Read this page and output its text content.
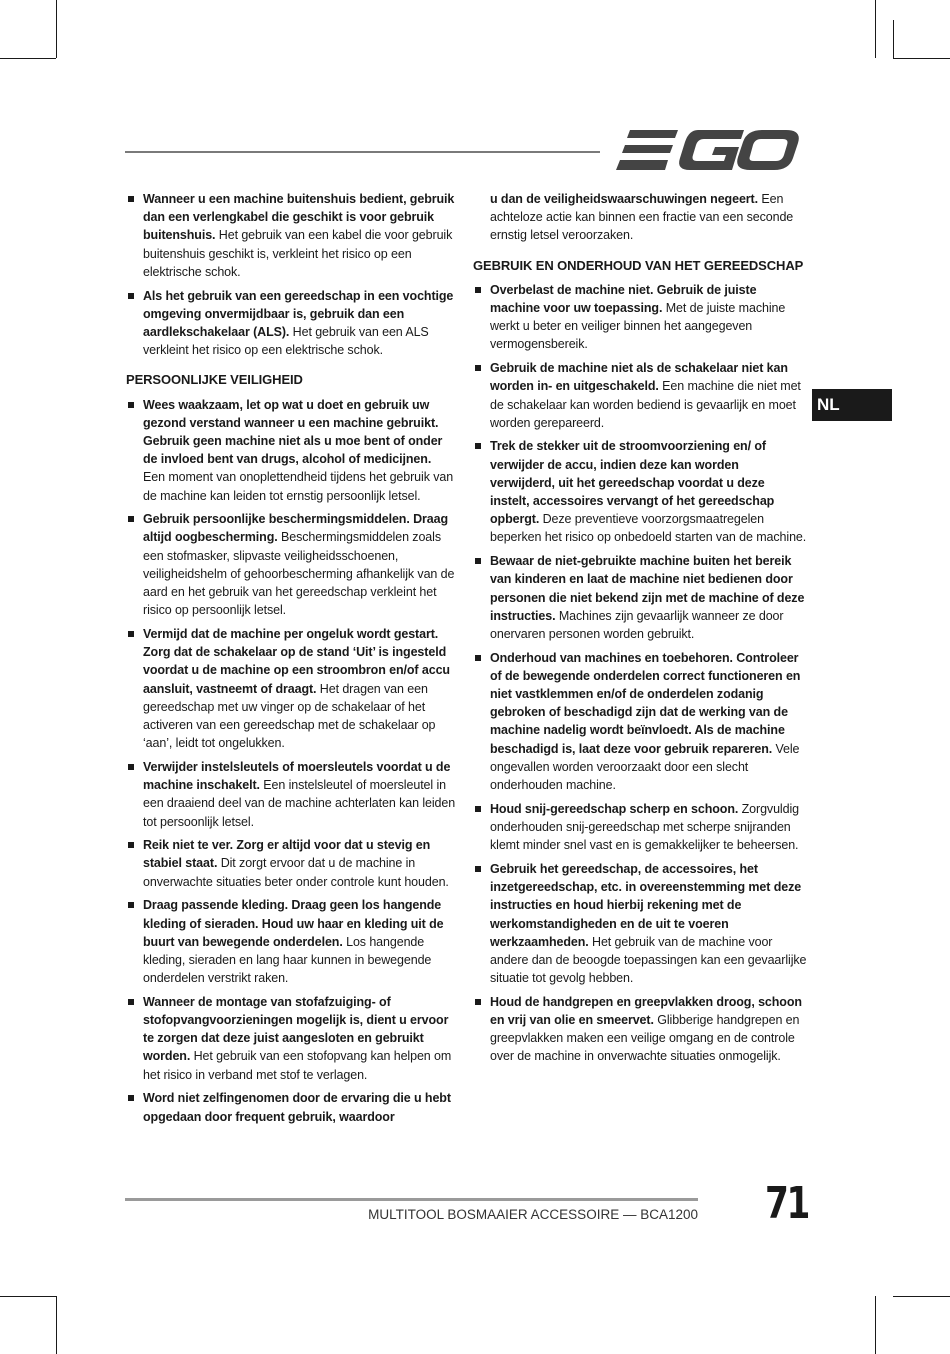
NL
Wanneer u een machine buitenshuis bedient, gebruik dan een verlengkabel die geschikt is voor gebruik buitenshuis. Het gebruik van een kabel die voor gebruik buitenshuis geschikt is, verkleint het risico op een elektrische schok.
Als het gebruik van een gereedschap in een vochtige omgeving onvermijdbaar is, gebruik dan een aardlekschakelaar (ALS). Het gebruik van een ALS verkleint het risico op een elektrische schok.
PERSOONLIJKE VEILIGHEID
Wees waakzaam, let op wat u doet en gebruik uw gezond verstand wanneer u een machine gebruikt. Gebruik geen machine niet als u moe bent of onder de invloed bent van drugs, alcohol of medicijnen. Een moment van onoplettendheid tijdens het gebruik van de machine kan leiden tot ernstig persoonlijk letsel.
Gebruik persoonlijke beschermingsmiddelen. Draag altijd oogbescherming. Beschermingsmiddelen zoals een stofmasker, slipvaste veiligheidsschoenen, veiligheidshelm of gehoorbescherming afhankelijk van de aard en het gebruik van het gereedschap verkleint het risico op persoonlijk letsel.
Vermijd dat de machine per ongeluk wordt gestart. Zorg dat de schakelaar op de stand ‘Uit’ is ingesteld voordat u de machine op een stroombron en/of accu aansluit, vastneemt of draagt. Het dragen van een gereedschap met uw vinger op de schakelaar of het activeren van een gereedschap met de schakelaar op ‘aan’, leidt tot ongelukken.
Verwijder instelsleutels of moersleutels voordat u de machine inschakelt. Een instelsleutel of moersleutel in een draaiend deel van de machine achterlaten kan leiden tot persoonlijk letsel.
Reik niet te ver. Zorg er altijd voor dat u stevig en stabiel staat. Dit zorgt ervoor dat u de machine in onverwachte situaties beter onder controle kunt houden.
Draag passende kleding. Draag geen los hangende kleding of sieraden. Houd uw haar en kleding uit de buurt van bewegende onderdelen. Los hangende kleding, sieraden en lang haar kunnen in bewegende onderdelen verstrikt raken.
Wanneer de montage van stofafzuiging- of stofopvangvoorzieningen mogelijk is, dient u ervoor te zorgen dat deze juist aangesloten en gebruikt worden. Het gebruik van een stofopvang kan helpen om het risico in verband met stof te verlagen.
Word niet zelfingenomen door de ervaring die u hebt opgedaan door frequent gebruik, waardoor
u dan de veiligheidswaarschuwingen negeert. Een achteloze actie kan binnen een fractie van een seconde ernstig letsel veroorzaken.
GEBRUIK EN ONDERHOUD VAN HET GEREEDSCHAP
Overbelast de machine niet. Gebruik de juiste machine voor uw toepassing. Met de juiste machine werkt u beter en veiliger binnen het aangegeven vermogensbereik.
Gebruik de machine niet als de schakelaar niet kan worden in- en uitgeschakeld. Een machine die niet met de schakelaar kan worden bediend is gevaarlijk en moet worden gerepareerd.
Trek de stekker uit de stroomvoorziening en/ of verwijder de accu, indien deze kan worden verwijderd, uit het gereedschap voordat u deze instelt, accessoires vervangt of het gereedschap opbergt. Deze preventieve voorzorgsmaatregelen beperken het risico op onbedoeld starten van de machine.
Bewaar de niet-gebruikte machine buiten het bereik van kinderen en laat de machine niet bedienen door personen die niet bekend zijn met de machine of deze instructies. Machines zijn gevaarlijk wanneer ze door onervaren personen worden gebruikt.
Onderhoud van machines en toebehoren. Controleer of de bewegende onderdelen correct functioneren en niet vastklemmen en/of de onderdelen zodanig gebroken of beschadigd zijn dat de werking van de machine nadelig wordt beïnvloedt. Als de machine beschadigd is, laat deze voor gebruik repareren. Vele ongevallen worden veroorzaakt door een slecht onderhouden machine.
Houd snij-gereedschap scherp en schoon. Zorgvuldig onderhouden snij-gereedschap met scherpe snijranden klemt minder snel vast en is gemakkelijker te beheersen.
Gebruik het gereedschap, de accessoires, het inzetgereedschap, etc. in overeenstemming met deze instructies en houd hierbij rekening met de werkomstandigheden en de uit te voeren werkzaamheden. Het gebruik van de machine voor andere dan de beoogde toepassingen kan een gevaarlijke situatie tot gevolg hebben.
Houd de handgrepen en greepvlakken droog, schoon en vrij van olie en smeervet. Glibberige handgrepen en greepvlakken maken een veilige omgang en de controle over de machine in onverwachte situaties onmogelijk.
MULTITOOL BOSMAAIER ACCESSOIRE — BCA1200 71
